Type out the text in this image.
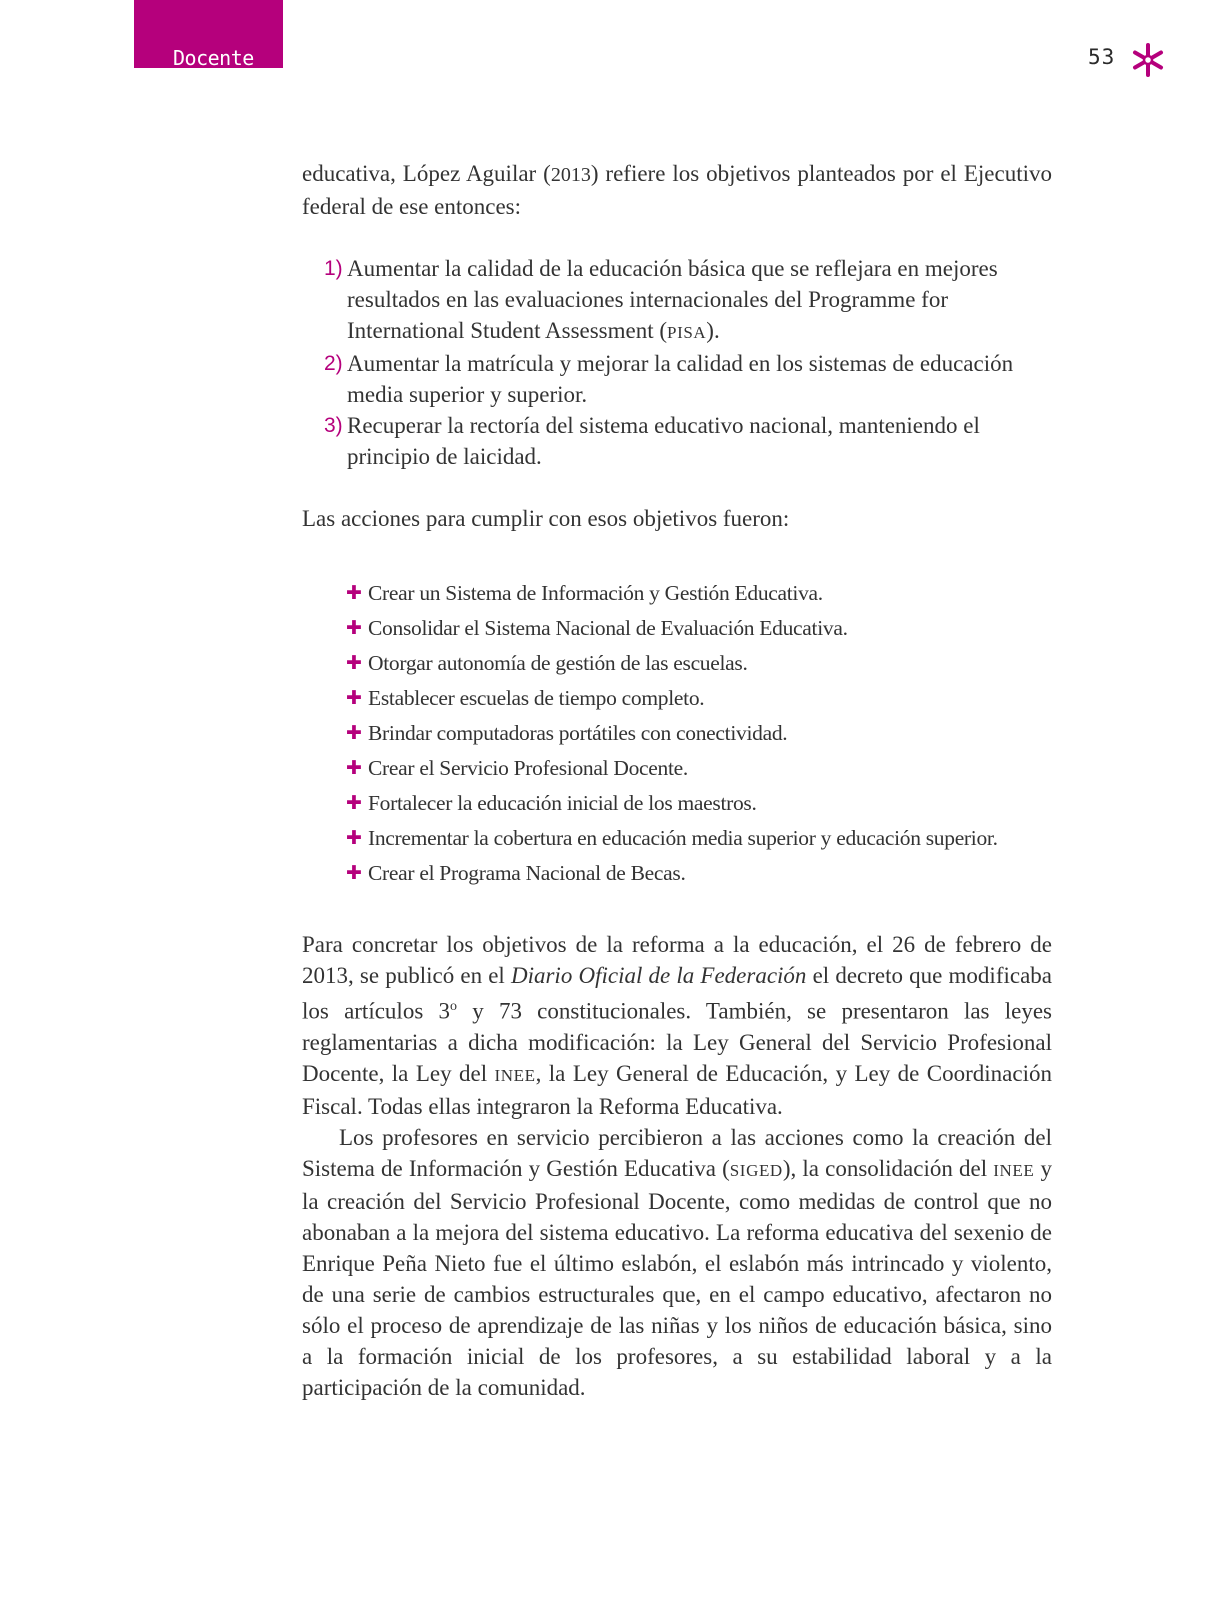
Docente	53

educativa, López Aguilar (2013) refiere los objetivos planteados por el Ejecutivo federal de ese entonces:

1) Aumentar la calidad de la educación básica que se reflejara en mejores resultados en las evaluaciones internacionales del Programme for International Student Assessment (PISA).
2) Aumentar la matrícula y mejorar la calidad en los sistemas de educación media superior y superior.
3) Recuperar la rectoría del sistema educativo nacional, manteniendo el principio de laicidad.

Las acciones para cumplir con esos objetivos fueron:

✚ Crear un Sistema de Información y Gestión Educativa.
✚ Consolidar el Sistema Nacional de Evaluación Educativa.
✚ Otorgar autonomía de gestión de las escuelas.
✚ Establecer escuelas de tiempo completo.
✚ Brindar computadoras portátiles con conectividad.
✚ Crear el Servicio Profesional Docente.
✚ Fortalecer la educación inicial de los maestros.
✚ Incrementar la cobertura en educación media superior y educación superior.
✚ Crear el Programa Nacional de Becas.

Para concretar los objetivos de la reforma a la educación, el 26 de febrero de 2013, se publicó en el Diario Oficial de la Federación el decreto que modificaba los artículos 3$^o$ y 73 constitucionales. También, se presentaron las leyes reglamentarias a dicha modificación: la Ley General del Servicio Profesional Docente, la Ley del INEE, la Ley General de Educación, y Ley de Coordinación Fiscal. Todas ellas integraron la Reforma Educativa.

Los profesores en servicio percibieron a las acciones como la creación del Sistema de Información y Gestión Educativa (SIGED), la consolidación del INEE y la creación del Servicio Profesional Docente, como medidas de control que no abonaban a la mejora del sistema educativo. La reforma educativa del sexenio de Enrique Peña Nieto fue el último eslabón, el eslabón más intrincado y violento, de una serie de cambios estructurales que, en el campo educativo, afectaron no sólo el proceso de aprendizaje de las niñas y los niños de educación básica, sino a la formación inicial de los profesores, a su estabilidad laboral y a la participación de la comunidad.
